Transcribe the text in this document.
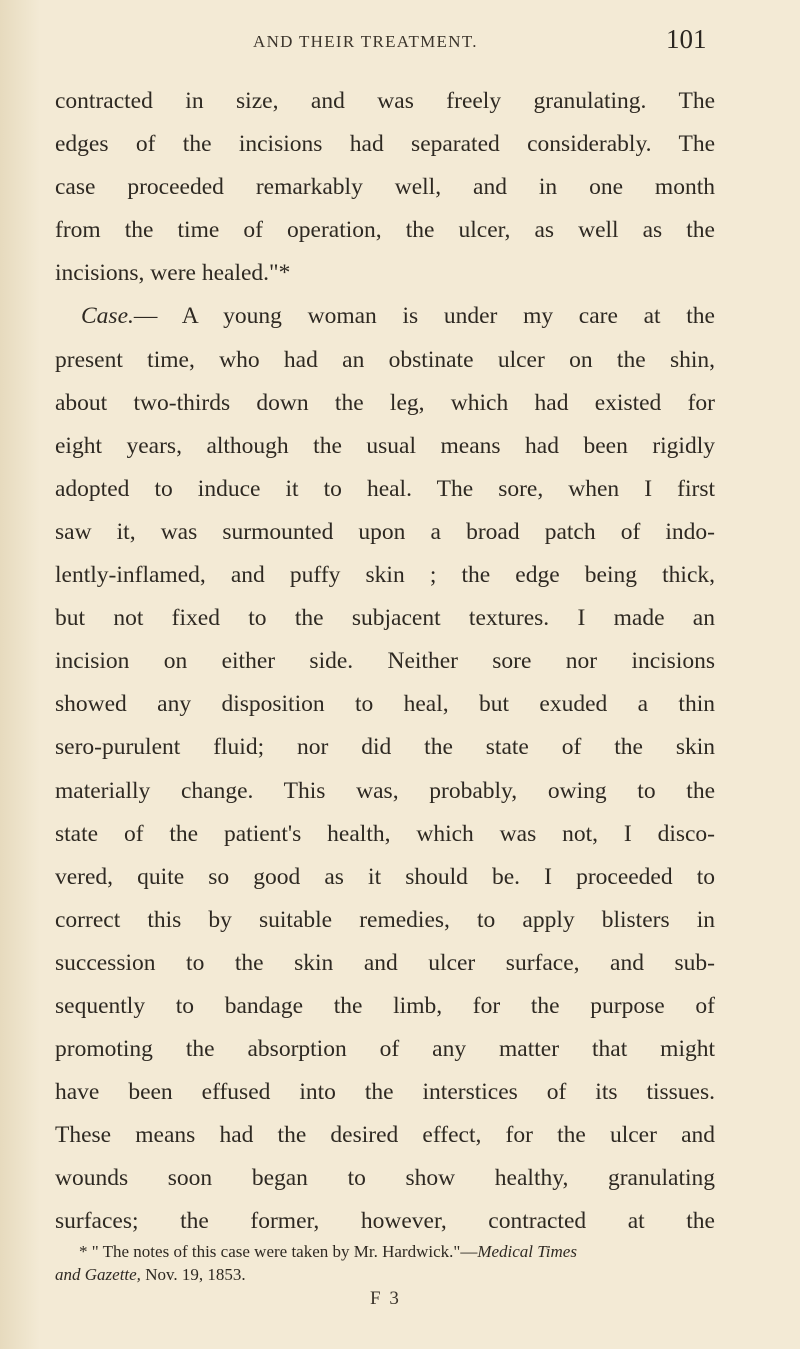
AND THEIR TREATMENT.	101
contracted in size, and was freely granulating. The
edges of the incisions had separated considerably. The
case proceeded remarkably well, and in one month
from the time of operation, the ulcer, as well as the
incisions, were healed."*
Case.— A young woman is under my care at the
present time, who had an obstinate ulcer on the shin,
about two-thirds down the leg, which had existed for
eight years, although the usual means had been rigidly
adopted to induce it to heal. The sore, when I first
saw it, was surmounted upon a broad patch of indo-
lently-inflamed, and puffy skin ; the edge being thick,
but not fixed to the subjacent textures. I made an
incision on either side. Neither sore nor incisions
showed any disposition to heal, but exuded a thin
sero-purulent fluid; nor did the state of the skin
materially change. This was, probably, owing to the
state of the patient's health, which was not, I disco-
vered, quite so good as it should be. I proceeded to
correct this by suitable remedies, to apply blisters in
succession to the skin and ulcer surface, and sub-
sequently to bandage the limb, for the purpose of
promoting the absorption of any matter that might
have been effused into the interstices of its tissues.
These means had the desired effect, for the ulcer and
wounds soon began to show healthy, granulating
surfaces; the former, however, contracted at the
* " The notes of this case were taken by Mr. Hardwick."—Medical Times
and Gazette, Nov. 19, 1853.
F 3
